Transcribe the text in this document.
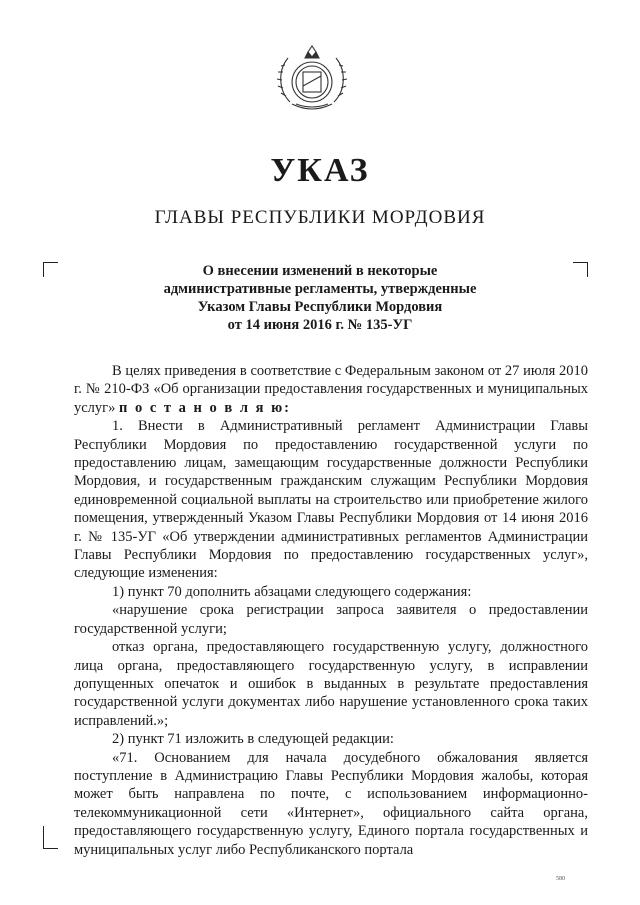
УКАЗ
ГЛАВЫ РЕСПУБЛИКИ МОРДОВИЯ
О внесении изменений в некоторые
административные регламенты, утвержденные
Указом Главы Республики Мордовия
от 14 июня 2016 г. № 135-УГ

В целях приведения в соответствие с Федеральным законом от 27 июля 2010 г. № 210-ФЗ «Об организации предоставления государственных и муниципальных услуг» п о с т а н о в л я ю:

1. Внести в Административный регламент Администрации Главы Республики Мордовия по предоставлению государственной услуги по предоставлению лицам, замещающим государственные должности Республики Мордовия, и государственным гражданским служащим Республики Мордовия единовременной социальной выплаты на строительство или приобретение жилого помещения, утвержденный Указом Главы Республики Мордовия от 14 июня 2016 г. № 135-УГ «Об утверждении административных регламентов Администрации Главы Республики Мордовия по предоставлению государственных услуг», следующие изменения:

1) пункт 70 дополнить абзацами следующего содержания:

«нарушение срока регистрации запроса заявителя о предоставлении государственной услуги;

отказ органа, предоставляющего государственную услугу, должностного лица органа, предоставляющего государственную услугу, в исправлении допущенных опечаток и ошибок в выданных в результате предоставления государственной услуги документах либо нарушение установленного срока таких исправлений.»;

2) пункт 71 изложить в следующей редакции:

«71. Основанием для начала досудебного обжалования является поступление в Администрацию Главы Республики Мордовия жалобы, которая может быть направлена по почте, с использованием информационно-телекоммуникационной сети «Интернет», официального сайта органа, предоставляющего государственную услугу, Единого портала государственных и муниципальных услуг либо Республиканского портала

580
